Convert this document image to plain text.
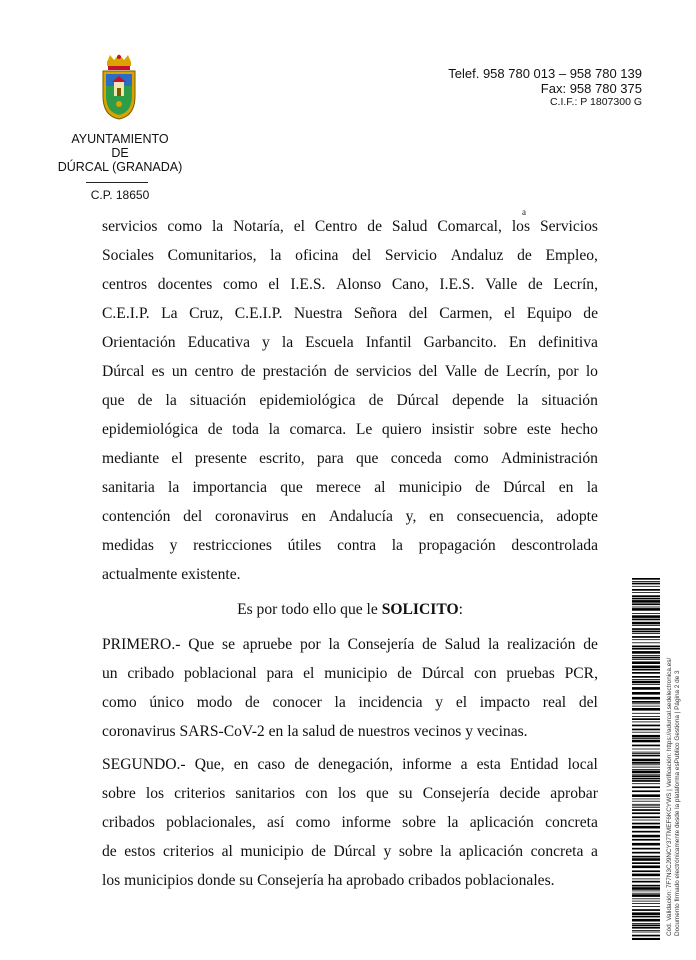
AYUNTAMIENTO
DE
DÚRCAL (GRANADA)
C.P. 18650
Telef. 958 780 013 – 958 780 139
Fax: 958 780 375
C.I.F.: P 1807300 G
a
servicios como la Notaría, el Centro de Salud Comarcal, los Servicios
Sociales Comunitarios, la oficina del Servicio Andaluz de Empleo,
centros docentes como el I.E.S. Alonso Cano, I.E.S. Valle de Lecrín,
C.E.I.P. La Cruz, C.E.I.P. Nuestra Señora del Carmen, el Equipo de
Orientación Educativa y la Escuela Infantil Garbancito. En definitiva
Dúrcal es un centro de prestación de servicios del Valle de Lecrín, por lo
que de la situación epidemiológica de Dúrcal depende la situación
epidemiológica de toda la comarca. Le quiero insistir sobre este hecho
mediante el presente escrito, para que conceda como Administración
sanitaria la importancia que merece al municipio de Dúrcal en la
contención del coronavirus en Andalucía y, en consecuencia, adopte
medidas y restricciones útiles contra la propagación descontrolada
actualmente existente.
Es por todo ello que le SOLICITO :
PRIMERO.- Que se apruebe por la Consejería de Salud la realización de
un cribado poblacional para el municipio de Dúrcal con pruebas PCR,
como único modo de conocer la incidencia y el impacto real del
coronavirus SARS-CoV-2 en la salud de nuestros vecinos y vecinas.
SEGUNDO.- Que, en caso de denegación, informe a esta Entidad local
sobre los criterios sanitarios con los que su Consejería decide aprobar
cribados poblacionales, así como informe sobre la aplicación concreta
de estos criterios al municipio de Dúrcal y sobre la aplicación concreta a
los municipios donde su Consejería ha aprobado cribados poblacionales.	Cód. Validación: 7F7N3CJ9NCY37TMEF6KCYWS | Verificación: https://adurcal.sedelectronica.es/ Documento firmado electrónicamente desde la plataforma esPublico Gestiona | Página 2 de 3
